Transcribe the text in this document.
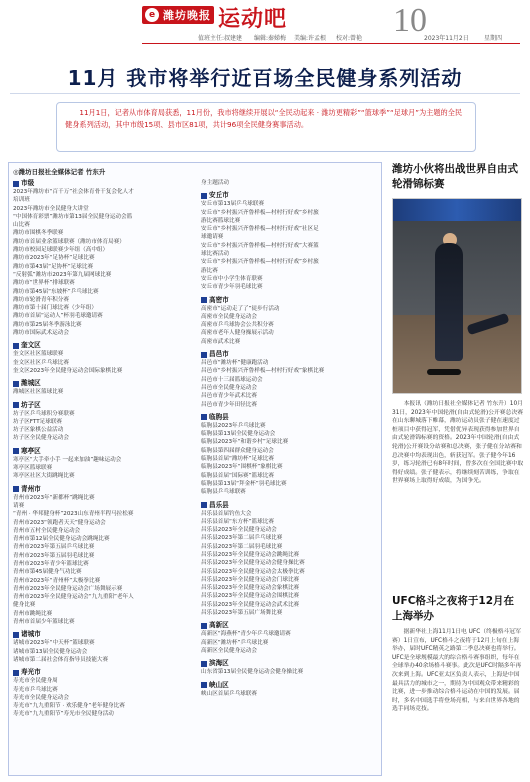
e 潍坊晚报 运动吧	10
值班主任:叔建建 编辑:秦娣梅 美编:许孟根 校对:曾艳	2023年11月2日	星期四
11月 我市将举行近百场全民健身系列活动

11月1日，记者从市体育局获悉，11月份，我市将继续开展以“全民动起来 · 潍坊更精彩”“篮球季”“足球月”为主题的全民健身系列活动，其中市级15项、县市区81项，共计96项全民健身赛事活动。

◎潍坊日报社全媒体记者 竹东升
市级
2023年潍坊市“百千万”社会体育骨干复会化人才
培训班
2023年潍坊市全民健身大讲堂
“中国体育彩票”潍坊市第13届全民健身运动会篮
山比赛
潍坊市围棋冬季联赛
潍坊市首届业余篮球联赛（潍坊市体育局赛）
潍坊市校园足球联赛少年组（高中组）
潍坊市2023年“足协杯”足球比赛
潍坊市第43届“足协杯”足球比赛
“反射弧”潍坊市2023年第九届网球比赛
潍坊市“世界杯”排球联赛
潍坊市第45届“东坡杯”乒乓球比赛
潍坊市轮滑青年积分赛
潍坊市第十届门球比赛（少年组）
潍坊市首届“运动人”杯羽毛球邀请赛
潍坊市第25届冬季游泳比赛
潍坊市国际武术运动会
奎文区
奎文区社区篮球联赛
奎文区社区乒乓球比赛
奎文区2023年全民健身运动会国际象棋比赛
潍城区
潍城区社区篮球比赛
坊子区
坊子区乒乓球积分赛联赛
坊子区FTT足球联赛
坊子区象棋公益活动
坊子区全民健身运动会
寒亭区
寒亭区“大手牵小手 一起来加油”趣味运动会
寒亭区篮球联赛
寒亭区社区大街跳绳比赛
青州市
青州市2023年“新都杯”跳绳比赛
请赛
“青州 · 华邦健身杯”2023山东青州半程马拉松赛
青州市2023“领跑者天天”健身运动会
青州市五村全民健身运动会
青州市第12届全民健身运动会跳绳比赛
青州市2023年第五届乒乓球比赛
青州市2023年第五届羽毛球比赛
青州市2023年青少年篮球比赛
青州市第45届健身气功比赛
青州市2023年“青州杯”太极拳比赛
青州市2023年全民健身运动会广场舞展示赛
青州市2023年全民健身运动会“九九重阳”老年人
健身比赛
青州市跳绳比赛
青州市首届少年篮球比赛
诸城市
诸城市2023年“中天杯”篮球联赛
诸城市第13届全民健身运动会
诸城市第二届社会体育指导员技能大赛
寿光市
寿光市全民健身周
寿光市乒乓球比赛
寿光市全民健身运动会
寿光市“九九重阳节 · 欢乐健身”老年健身比赛
寿光市“九九重阳节”寿光市全民健身活动
身主题活动
安丘市
安丘市第13届乒乓球联赛
安丘市“乡村振兴齐鲁样板—村村行好戏”乡村旅
游比赛篮球比赛
安丘市“乡村振兴齐鲁样板—村村行好戏”社区足
球邀请赛
安丘市“乡村振兴齐鲁样板—村村行好戏”大赛篮
球比赛活动
安丘市“乡村振兴齐鲁样板—村村行好戏”乡村旅
游比赛
安丘市中小学生体育联赛
安丘市青少年羽毛球比赛
高密市
高密市“运动走了了”徒步行活动
高密市全民健身运动会
高密市乒乓球协会公共积分赛
高密市老年人健身操展示活动
高密市武术比赛
昌邑市
昌邑市“潍坊杯”健康跑活动
昌邑市“乡村振兴齐鲁样板—村村行好戏”象棋比赛
昌邑市十三届篮球运动会
昌邑市全民健身运动会
昌邑市青少年武术比赛
昌邑市青少年田径比赛
临朐县
临朐县2023年乒乓球比赛
临朐县第13届全民健身运动会
临朐县2023年“和谐乡村”足球比赛
临朐县第四届群众健身运动会
临朐县首届“潍坊杯”足球比赛
临朐县2023年“围棋杯”象棋比赛
临朐县首届“国际赛”篮球比赛
临朐县第13届“拜金杯”羽毛球比赛
临朐县乒乓球联赛
昌乐县
昌乐县首届钓鱼大会
昌乐县首届“东方杯”篮球比赛
昌乐县2023年全民健身运动会
昌乐县2023年第二届乒乓球比赛
昌乐县2023年第二届羽毛球比赛
昌乐县2023年全民健身运动会跳绳比赛
昌乐县2023年全民健身运动会健身操比赛
昌乐县2023年全民健身运动会太极拳比赛
昌乐县2023年全民健身运动会门球比赛
昌乐县2023年全民健身运动会象棋比赛
昌乐县2023年全民健身运动会围棋比赛
昌乐县2023年全民健身运动会武术比赛
昌乐县2023年第五届广场舞比赛
高新区
高新区“海燕杯”青少年乒乓球邀请赛
高新区“潍坊杯”乒乓球比赛
高新区全民健身运动会
滨海区
山东省第13届全民健身运动会健身操比赛
峡山区
峡山区首届乒乓球联赛
潍坊小伙将出战世界自由式轮滑锦标赛

本报讯（潍坊日报社全媒体记者 竹东升）10月31日，2023年中国轮滑(自由式轮滑)公开赛总决赛在山东聊城落下帷幕，潍坊运动员张子健在速度过桩项目中获得冠军，凭借优异表现获得参加世界自由式轮滑锦标赛的资格。2023年中国轮滑(自由式轮滑)公开赛设分站赛和总决赛，张子健在分站赛和总决赛中均表现出色，斩获冠军。张子健今年16岁，练习轮滑已有8年时间，曾多次在全国比赛中取得好成绩。张子健表示，将继续刻苦训练，争取在世界赛场上取得好成绩，为国争光。

UFC格斗之夜将于12月在上海举办

据新华社上海11月1日电 UFC（终极格斗冠军赛）1日宣布，UFC格斗之夜将于12月上旬在上海举办，届时UFC精英之路第二季总决赛也将举行。UFC是全球规模最大的综合格斗赛事组织，每年在全球举办40余场格斗赛事。此次是UFC时隔多年再次来到上海。UFC亚太区负责人表示，上海是中国最具活力的城市之一，期待为中国观众带来精彩的比赛，进一步推动综合格斗运动在中国的发展。届时，多名中国选手将登场亮相，与来自世界各地的选手同场竞技。
